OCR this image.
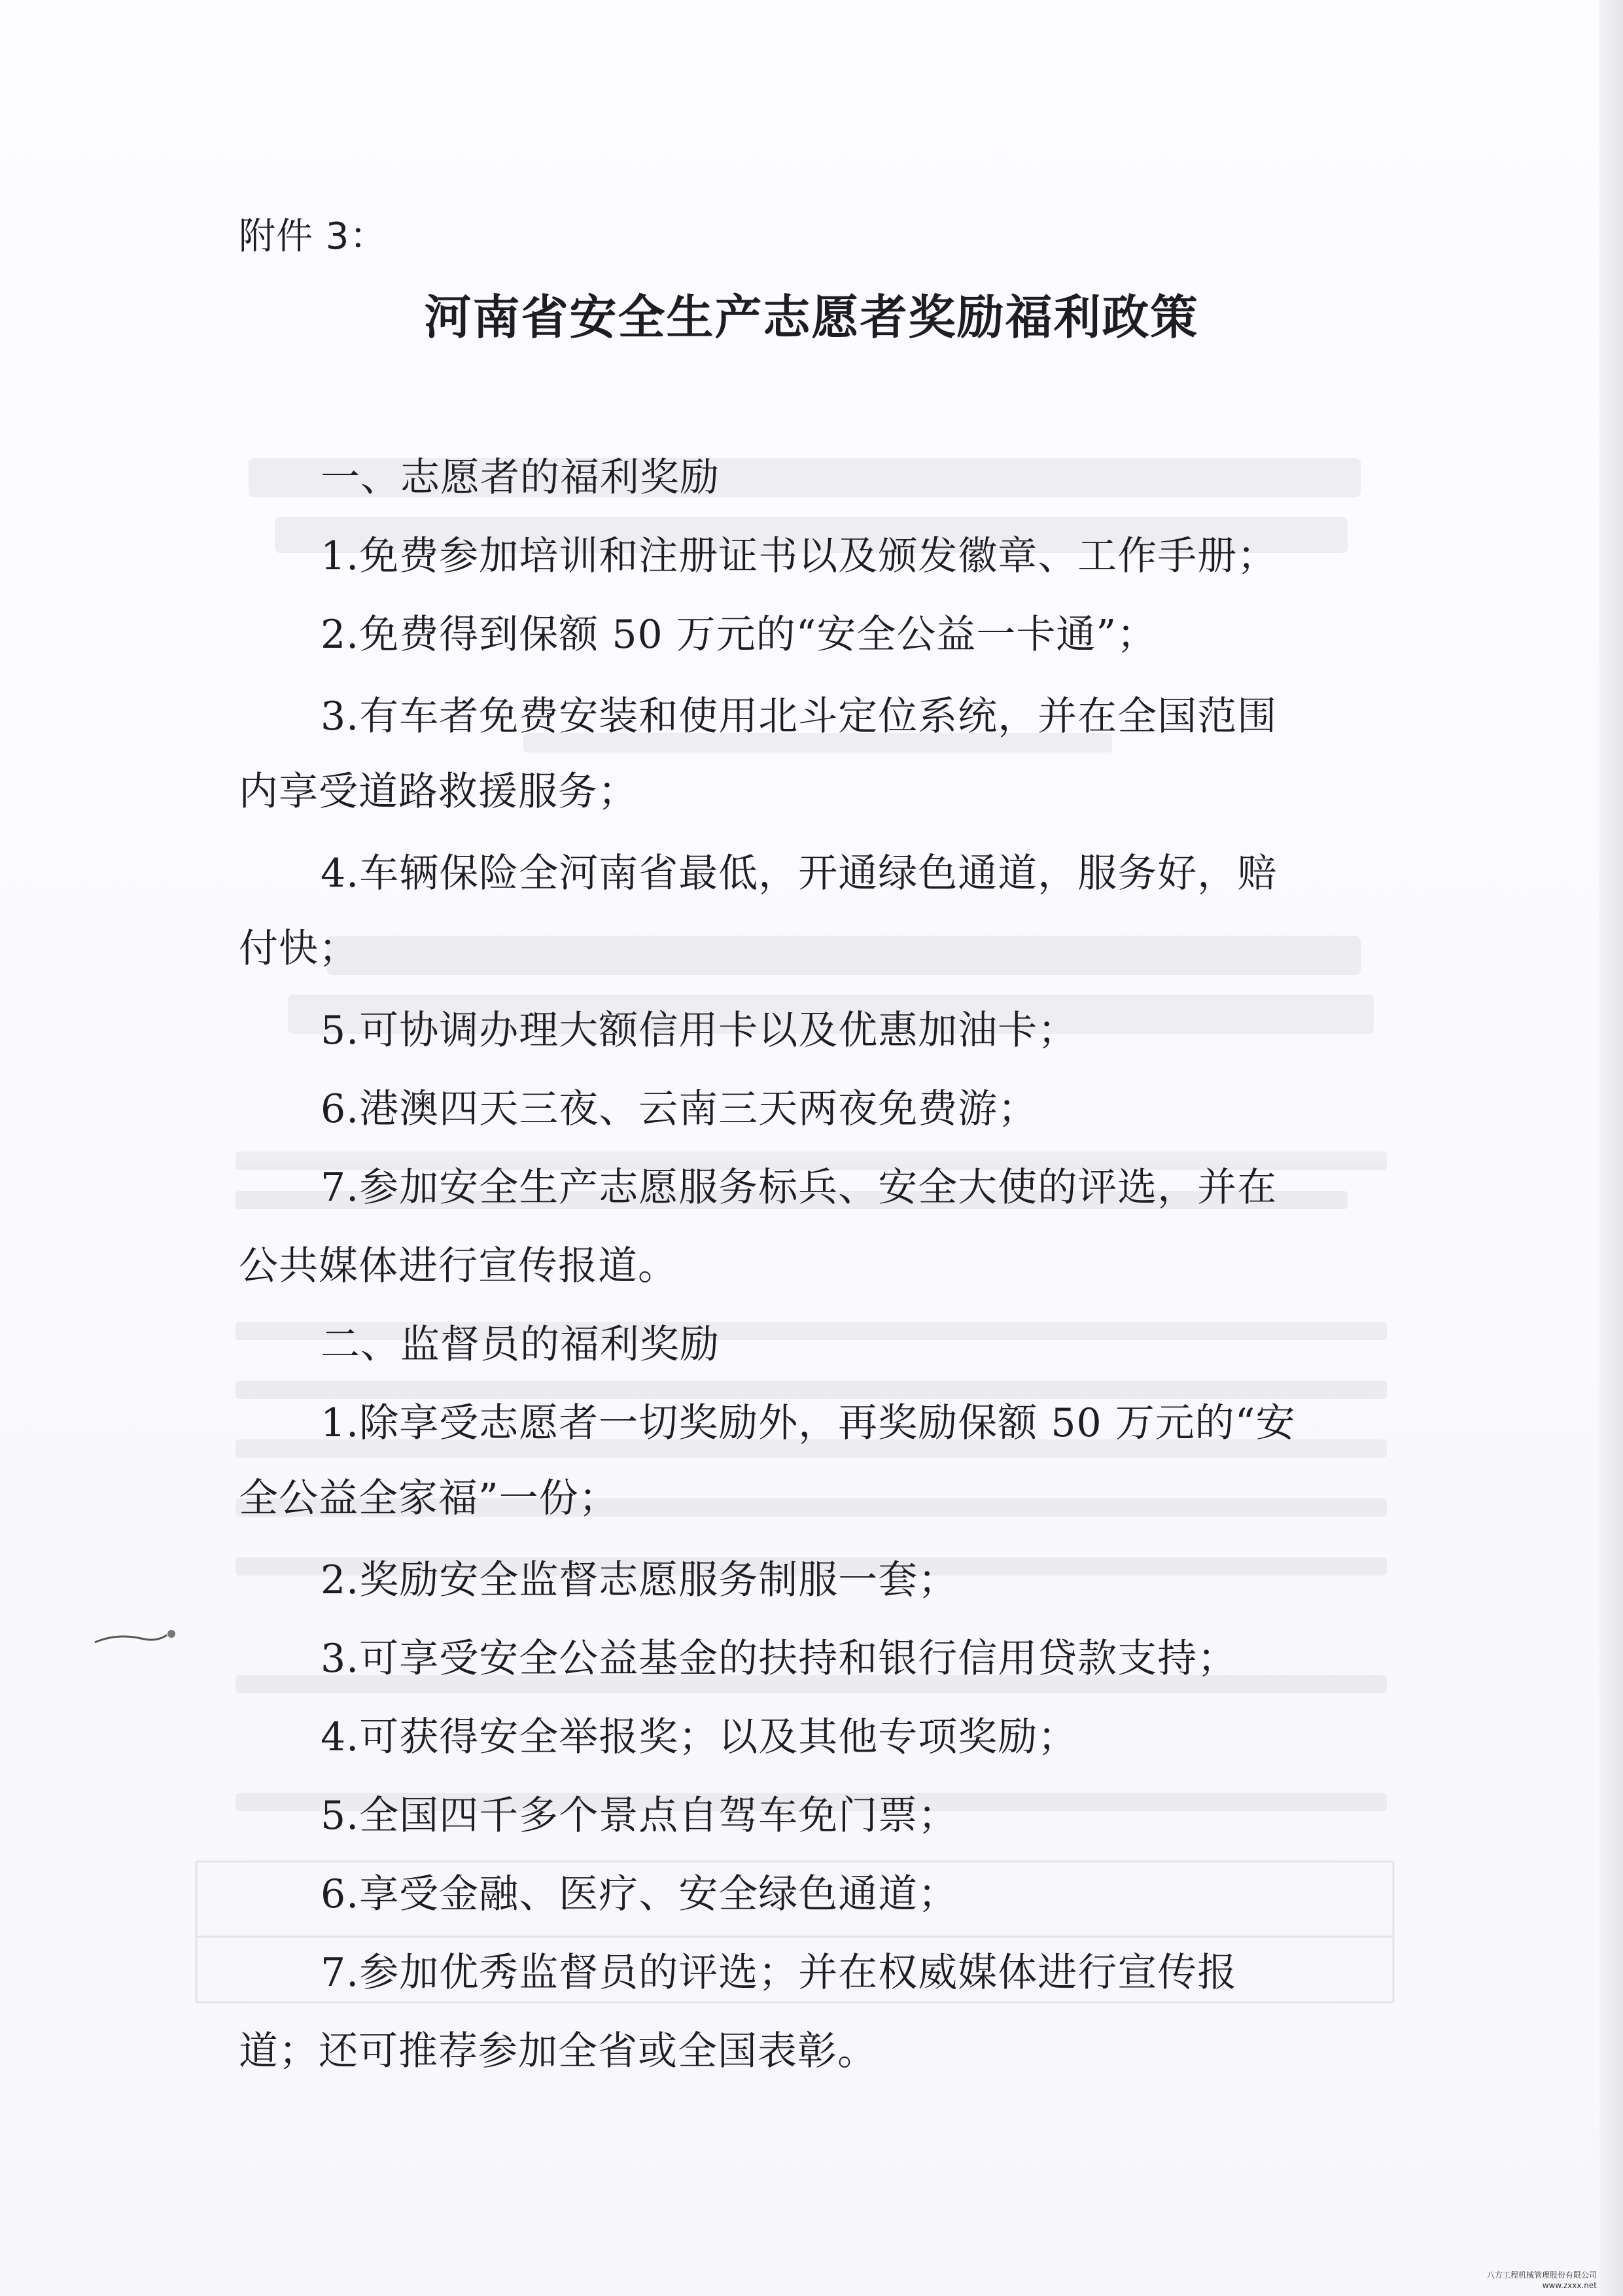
附件 3：
河南省安全生产志愿者奖励福利政策
一、志愿者的福利奖励
1.免费参加培训和注册证书以及颁发徽章、工作手册；
2.免费得到保额 50 万元的“安全公益一卡通”；
3.有车者免费安装和使用北斗定位系统，并在全国范围
内享受道路救援服务；
4.车辆保险全河南省最低，开通绿色通道，服务好，赔
付快；
5.可协调办理大额信用卡以及优惠加油卡；
6.港澳四天三夜、云南三天两夜免费游；
7.参加安全生产志愿服务标兵、安全大使的评选，并在
公共媒体进行宣传报道。
二、监督员的福利奖励
1.除享受志愿者一切奖励外，再奖励保额 50 万元的“安
全公益全家福”一份；
2.奖励安全监督志愿服务制服一套；
3.可享受安全公益基金的扶持和银行信用贷款支持；
4.可获得安全举报奖；以及其他专项奖励；
5.全国四千多个景点自驾车免门票；
6.享受金融、医疗、安全绿色通道；
7.参加优秀监督员的评选；并在权威媒体进行宣传报
道；还可推荐参加全省或全国表彰。
八方工程机械管理股份有限公司
www.zxxx.net
